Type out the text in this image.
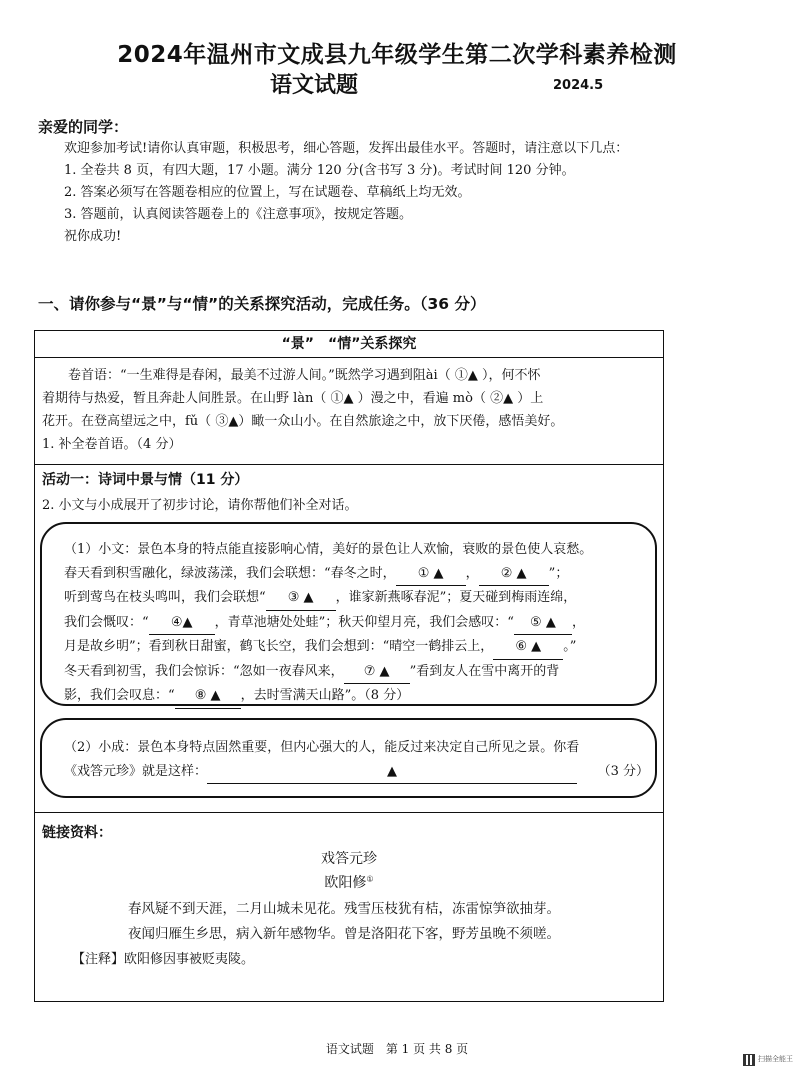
2024年温州市文成县九年级学生第二次学科素养检测
语文试题	2024.5
亲爱的同学：

欢迎参加考试!请你认真审题，积极思考，细心答题，发挥出最佳水平。答题时，请注意以下几点：

1. 全卷共 8 页，有四大题，17 小题。满分 120 分(含书写 3 分)。考试时间 120 分钟。

2. 答案必须写在答题卷相应的位置上，写在试题卷、草稿纸上均无效。

3. 答题前，认真阅读答题卷上的《注意事项》，按规定答题。

祝你成功!

一、请你参与“景”与“情”的关系探究活动，完成任务。（36 分）
“景”　“情”关系探究

卷首语：“一生难得是春闲，最美不过游人间。”既然学习遇到阻ài（ ①▲ ），何不怀

着期待与热爱，暂且奔赴人间胜景。在山野 làn（ ①▲ ）漫之中，看遍 mò（ ②▲ ）上

花开。在登高望远之中，fǔ（ ③▲）瞰一众山小。在自然旅途之中，放下厌倦，感悟美好。

1. 补全卷首语。（4 分）

活动一：诗词中景与情（11 分）
2. 小文与小成展开了初步讨论，请你帮他们补全对话。
（1）小文：景色本身的特点能直接影响心情，美好的景色让人欢愉，衰败的景色使人哀愁。
春天看到积雪融化，绿波荡漾，我们会联想：“春冬之时， ① ▲ ， ② ▲ ”；
听到莺鸟在枝头鸣叫，我们会联想“ ③ ▲ ，谁家新燕啄春泥”；夏天碰到梅雨连绵，
我们会慨叹：“ ④▲ ，青草池塘处处蛙”；秋天仰望月亮，我们会感叹：“ ⑤ ▲ ，
月是故乡明”；看到秋日甜蜜，鹤飞长空，我们会想到：“晴空一鹤排云上， ⑥ ▲ 。”
冬天看到初雪，我们会惊诉：“忽如一夜春风来， ⑦ ▲ ”看到友人在雪中离开的背
影，我们会叹息：“ ⑧ ▲ ，去时雪满天山路”。（8 分）
（2）小成：景色本身特点固然重要，但内心强大的人，能反过来决定自己所见之景。你看
《戏答元珍》就是这样：	▲	（3 分）
链接资料：
戏答元珍
欧阳修①

春风疑不到天涯，二月山城未见花。残雪压枝犹有桔，冻雷惊笋欲抽芽。

夜闻归雁生乡思，病入新年感物华。曾是洛阳花下客，野芳虽晚不须嗟。

【注释】欧阳修因事被贬夷陵。
语文试题　第 1 页 共 8 页
扫描全能王
